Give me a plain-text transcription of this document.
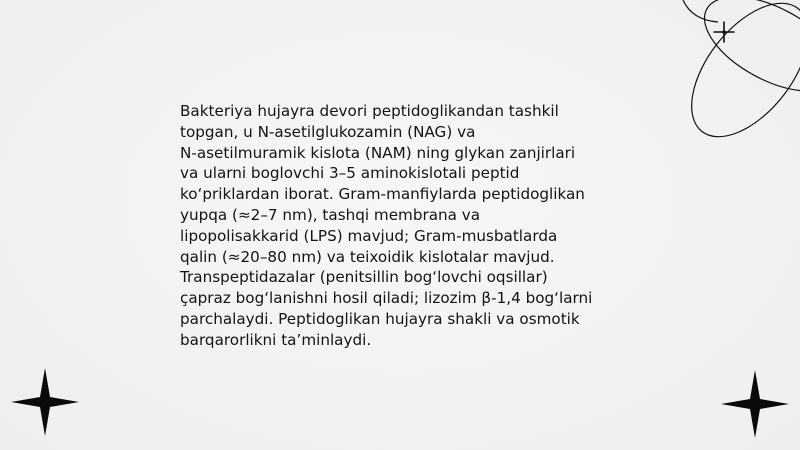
Bakteriya hujayra devori peptidoglikandan tashkil
topgan, u N-asetilglukozamin (NAG) va
N-asetilmuramik kislota (NAM) ning glykan zanjirlari
va ularni boglovchi 3–5 aminokislotali peptid
ko‘priklardan iborat. Gram-manfiylarda peptidoglikan
yupqa (≈2–7 nm), tashqi membrana va
lipopolisakkarid (LPS) mavjud; Gram-musbatlarda
qalin (≈20–80 nm) va teixoidik kislotalar mavjud.
Transpeptidazalar (penitsillin bog‘lovchi oqsillar)
çapraz bog‘lanishni hosil qiladi; lizozim β-1,4 bog‘larni
parchalaydi. Peptidoglikan hujayra shakli va osmotik
barqarorlikni ta’minlaydi.
